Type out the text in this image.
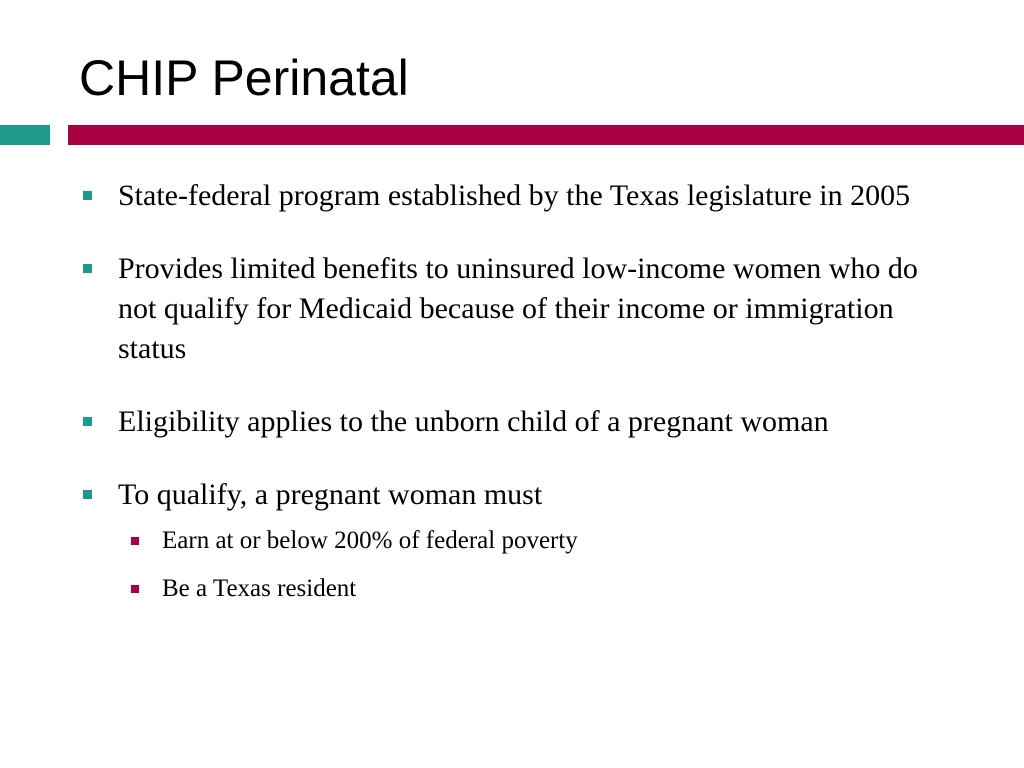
CHIP Perinatal
State-federal program established by the Texas legislature in 2005
Provides limited benefits to uninsured low-income women who do not qualify for Medicaid because of their income or immigration status
Eligibility applies to the unborn child of a pregnant woman
To qualify, a pregnant woman must
Earn at or below 200% of federal poverty
Be a Texas resident
